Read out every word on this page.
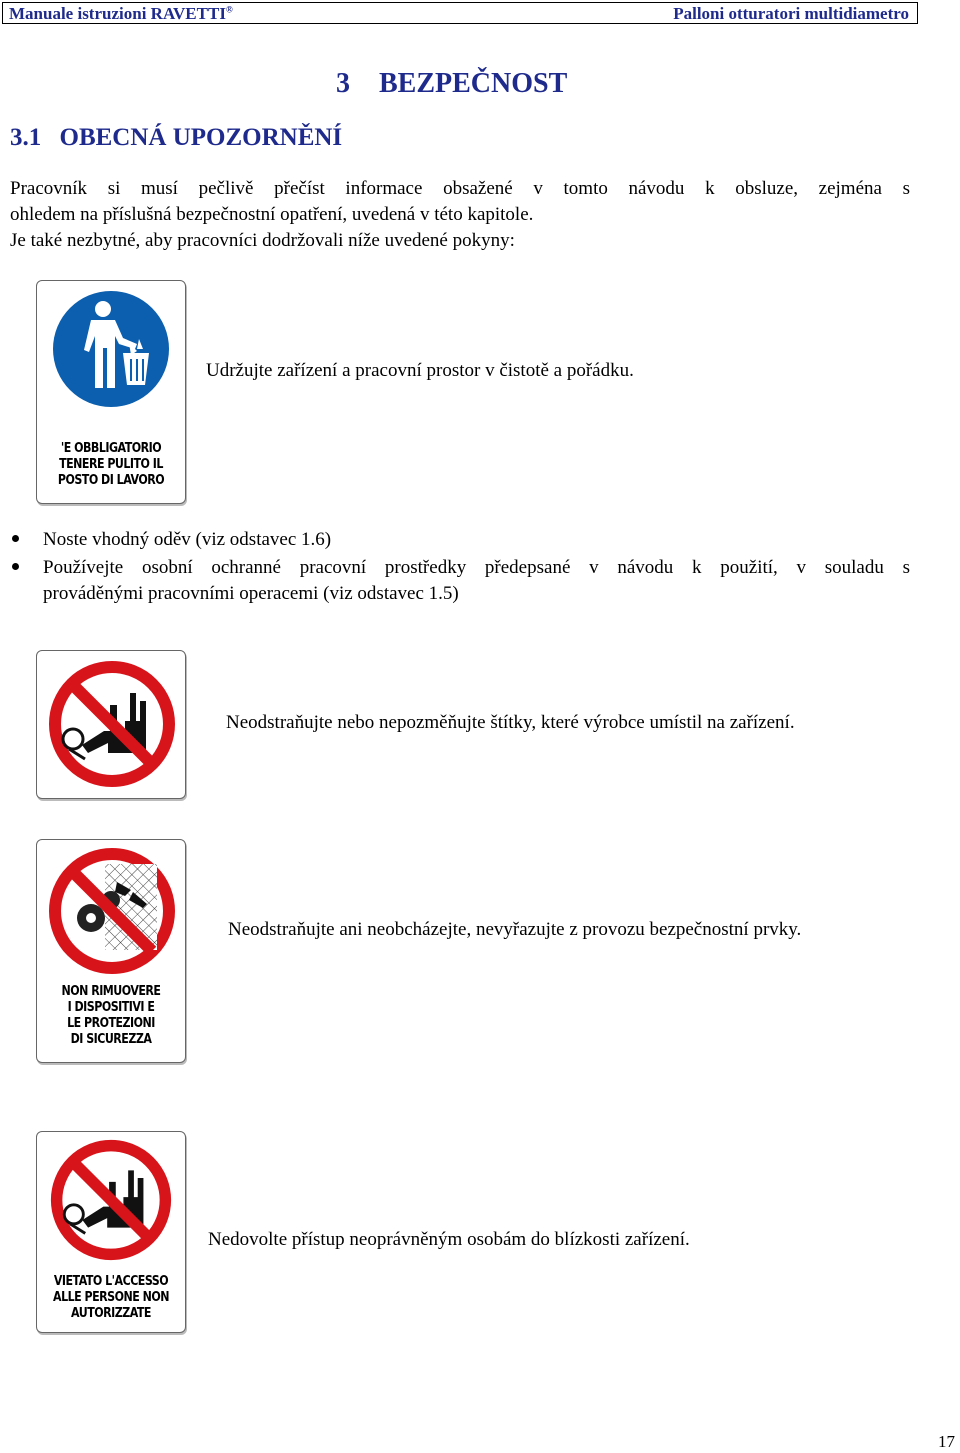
Manuale istruzioni RAVETTI®	Palloni otturatori multidiametro
3 BEZPEČNOST
3.1 OBECNÁ UPOZORNĚNÍ
Pracovník si musí pečlivě přečíst informace obsažené v tomto návodu k obsluze, zejména s
ohledem na příslušná bezpečnostní opatření, uvedená v této kapitole.
Je také nezbytné, aby pracovníci dodržovali níže uvedené pokyny:
'E OBBLIGATORIO
TENERE PULITO IL
POSTO DI LAVORO
Udržujte zařízení a pracovní prostor v čistotě a pořádku.
Noste vhodný oděv (viz odstavec 1.6)
Používejte osobní ochranné pracovní prostředky předepsané v návodu k použití, v souladu s
prováděnými pracovními operacemi (viz odstavec 1.5)
Neodstraňujte nebo nepozměňujte štítky, které výrobce umístil na zařízení.
NON RIMUOVERE
I DISPOSITIVI E
LE PROTEZIONI
DI SICUREZZA
Neodstraňujte ani neobcházejte, nevyřazujte z provozu bezpečnostní prvky.
VIETATO L'ACCESSO
ALLE PERSONE NON
AUTORIZZATE
Nedovolte přístup neoprávněným osobám do blízkosti zařízení.
17
